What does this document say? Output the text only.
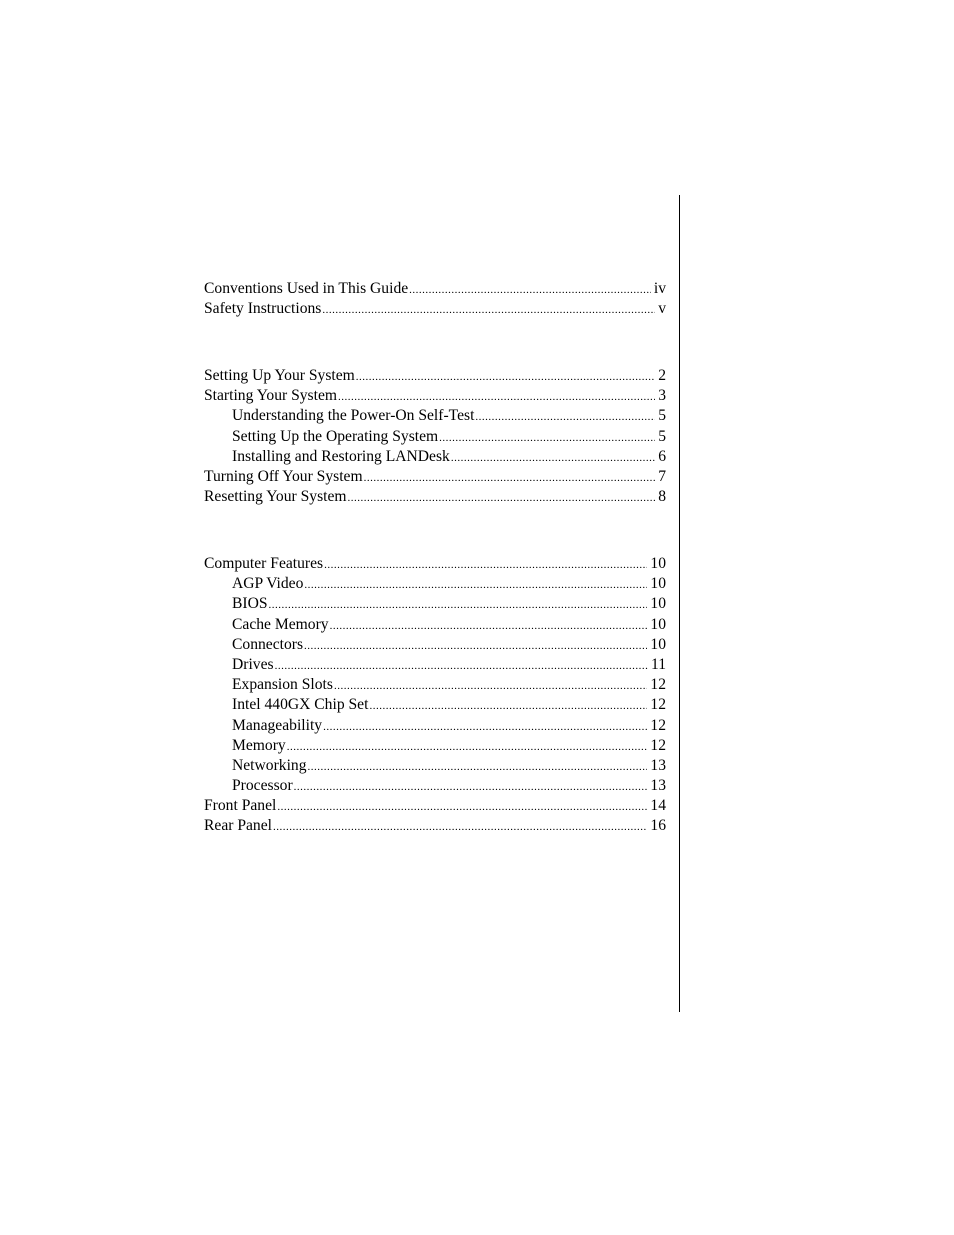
Conventions Used in This Guide .....	iv
Safety Instructions .....	v
Setting Up Your System .....	2
Starting Your System .....	3
Understanding the Power-On Self-Test .....	5
Setting Up the Operating System .....	5
Installing and Restoring LANDesk .....	6
Turning Off Your System .....	7
Resetting Your System .....	8
Computer Features .....	10
AGP Video .....	10
BIOS .....	10
Cache Memory .....	10
Connectors .....	10
Drives .....	11
Expansion Slots .....	12
Intel 440GX Chip Set .....	12
Manageability .....	12
Memory .....	12
Networking .....	13
Processor .....	13
Front Panel .....	14
Rear Panel .....	16
